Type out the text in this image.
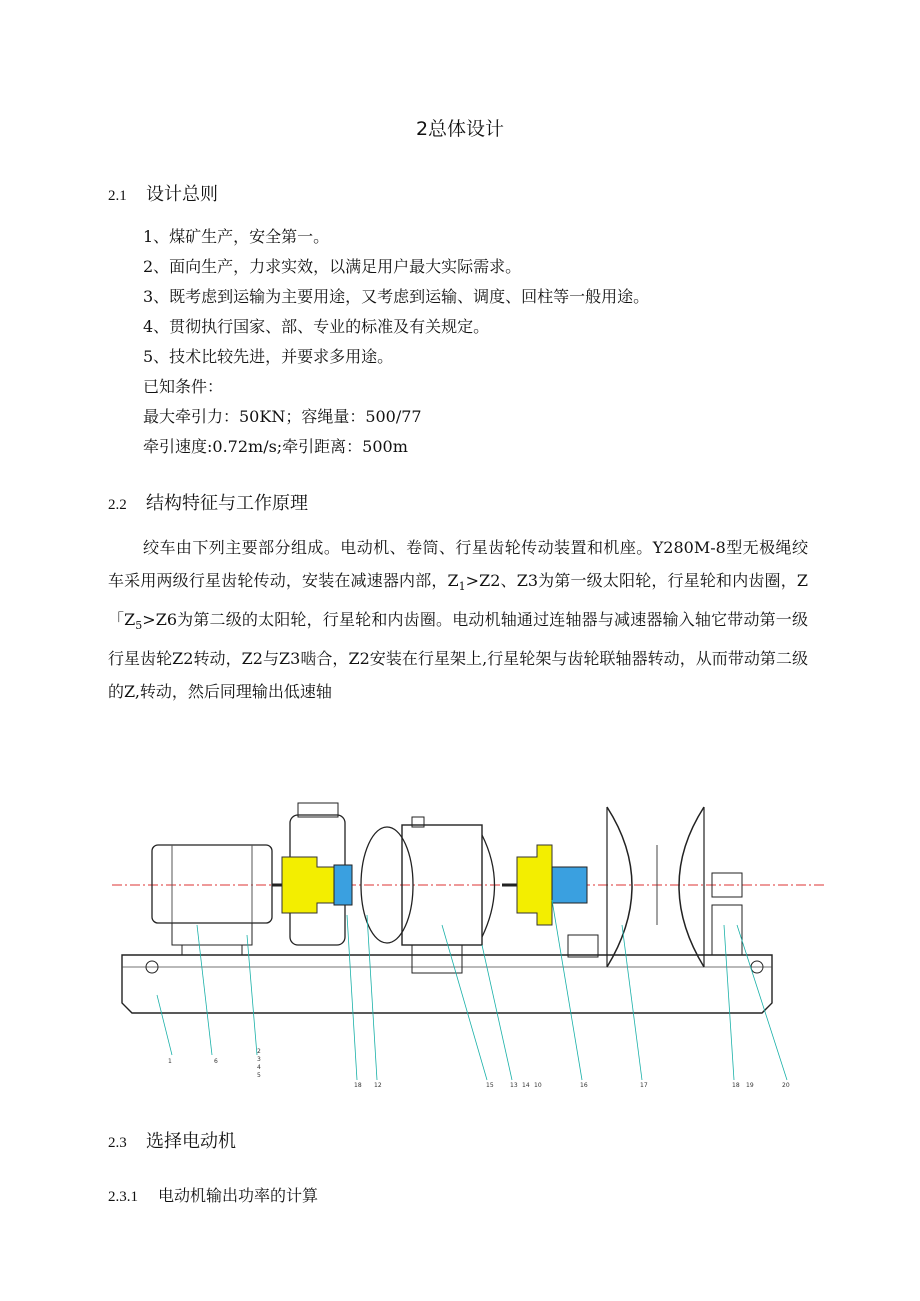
2总体设计
2.1 设计总则
1、煤矿生产，安全第一。
2、面向生产，力求实效，以满足用户最大实际需求。
3、既考虑到运输为主要用途，又考虑到运输、调度、回柱等一般用途。
4、贯彻执行国家、部、专业的标准及有关规定。
5、技术比较先进，并要求多用途。
已知条件：
最大牵引力：50KN；容绳量：500/77
牵引速度:0.72m/s;牵引距离：500m
2.2 结构特征与工作原理
绞车由下列主要部分组成。电动机、卷筒、行星齿轮传动装置和机座。Y280M-8型无极绳绞车采用两级行星齿轮传动，安装在减速器内部，$Z_1>Z2$、Z3为第一级太阳轮，行星轮和内齿圈，Z「$Z_5>Z6$为第二级的太阳轮，行星轮和内齿圈。电动机轴通过连轴器与减速器输入轴它带动第一级行星齿轮Z2转动，Z2与Z3啮合，Z2安装在行星架上,行星轮架与齿轮联轴器转动，从而带动第二级的Z,转动，然后同理输出低速轴
1	6
2
3
4
5
18 12	15	13 14 10	16	17	18 19	20
2.3 选择电动机
2.3.1 电动机输出功率的计算
